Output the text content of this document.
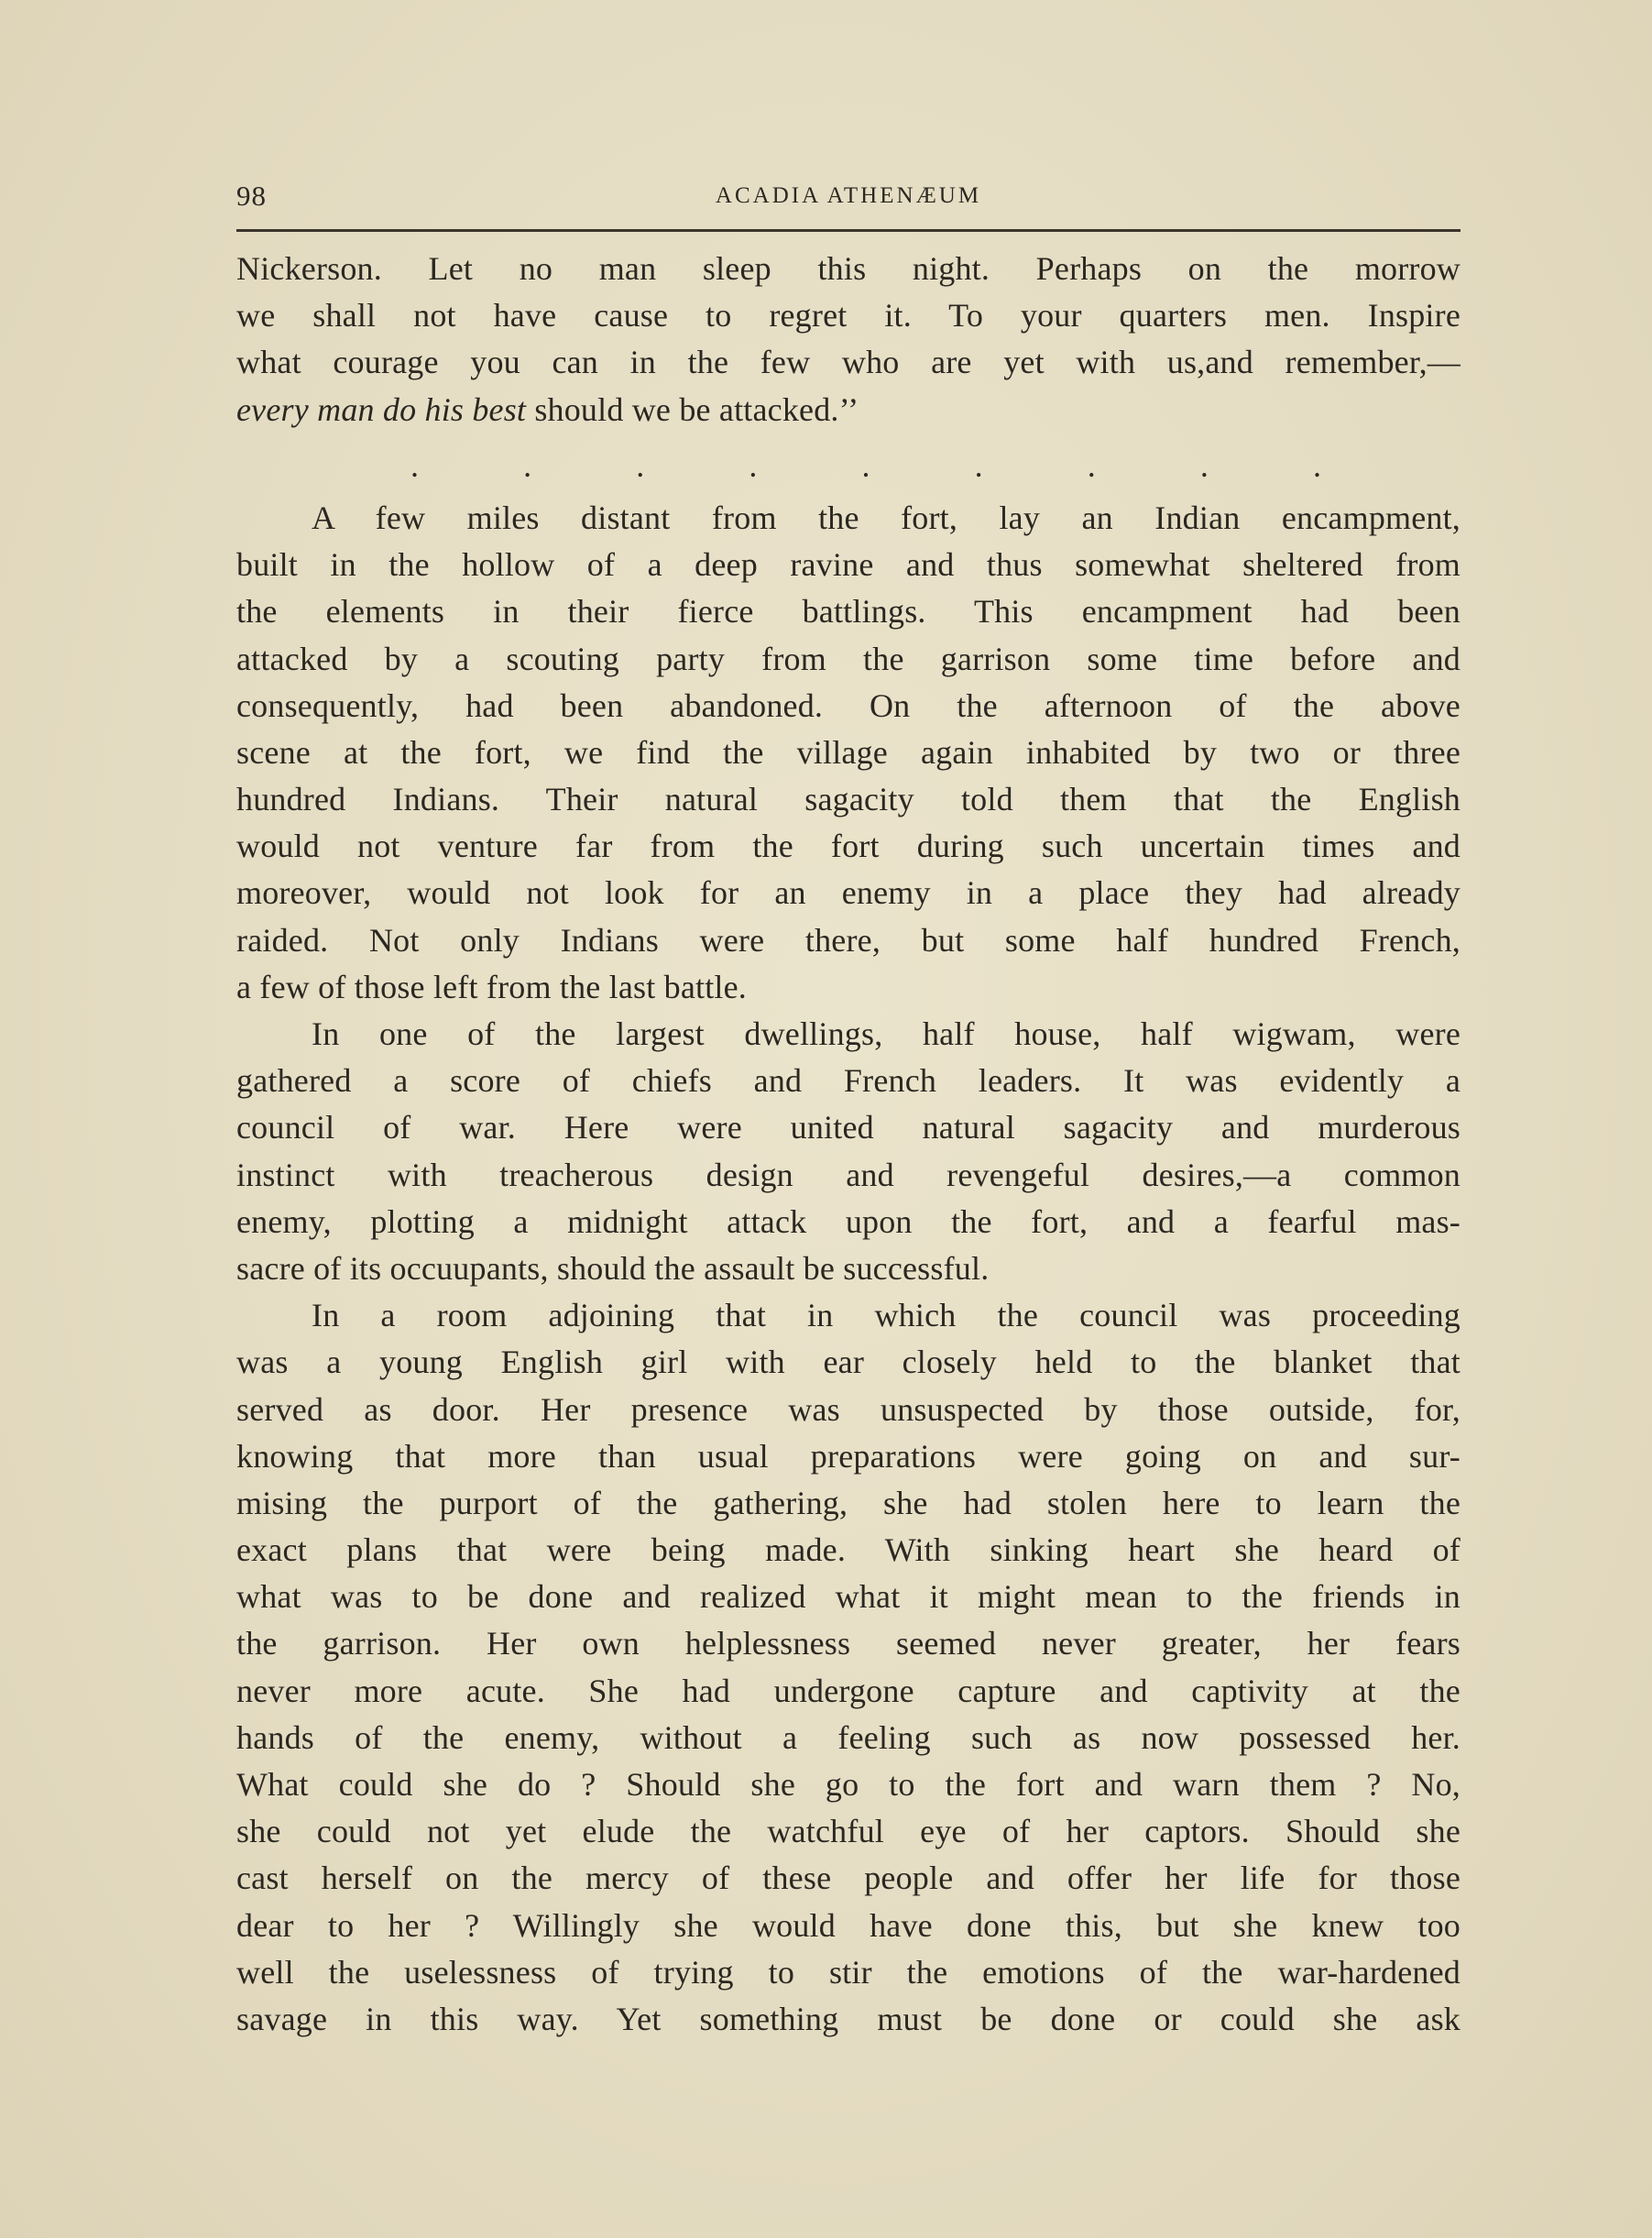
98	ACADIA ATHENÆUM
Nickerson. Let no man sleep this night. Perhaps on the morrow
we shall not have cause to regret it. To your quarters men. Inspire
what courage you can in the few who are yet with us,and remember,—
every man do his best should we be attacked.’’
.	.	.	.	.	.	.	.	.
A few miles distant from the fort, lay an Indian encampment,
built in the hollow of a deep ravine and thus somewhat sheltered from
the elements in their fierce battlings. This encampment had been
attacked by a scouting party from the garrison some time before and
consequently, had been abandoned. On the afternoon of the above
scene at the fort, we find the village again inhabited by two or three
hundred Indians. Their natural sagacity told them that the English
would not venture far from the fort during such uncertain times and
moreover, would not look for an enemy in a place they had already
raided. Not only Indians were there, but some half hundred French,
a few of those left from the last battle.
In one of the largest dwellings, half house, half wigwam, were
gathered a score of chiefs and French leaders. It was evidently a
council of war. Here were united natural sagacity and murderous
instinct with treacherous design and revengeful desires,—a common
enemy, plotting a midnight attack upon the fort, and a fearful mas-
sacre of its occuupants, should the assault be successful.
In a room adjoining that in which the council was proceeding
was a young English girl with ear closely held to the blanket that
served as door. Her presence was unsuspected by those outside, for,
knowing that more than usual preparations were going on and sur-
mising the purport of the gathering, she had stolen here to learn the
exact plans that were being made. With sinking heart she heard of
what was to be done and realized what it might mean to the friends in
the garrison. Her own helplessness seemed never greater, her fears
never more acute. She had undergone capture and captivity at the
hands of the enemy, without a feeling such as now possessed her.
What could she do ? Should she go to the fort and warn them ? No,
she could not yet elude the watchful eye of her captors. Should she
cast herself on the mercy of these people and offer her life for those
dear to her ? Willingly she would have done this, but she knew too
well the uselessness of trying to stir the emotions of the war-hardened
savage in this way. Yet something must be done or could she ask
